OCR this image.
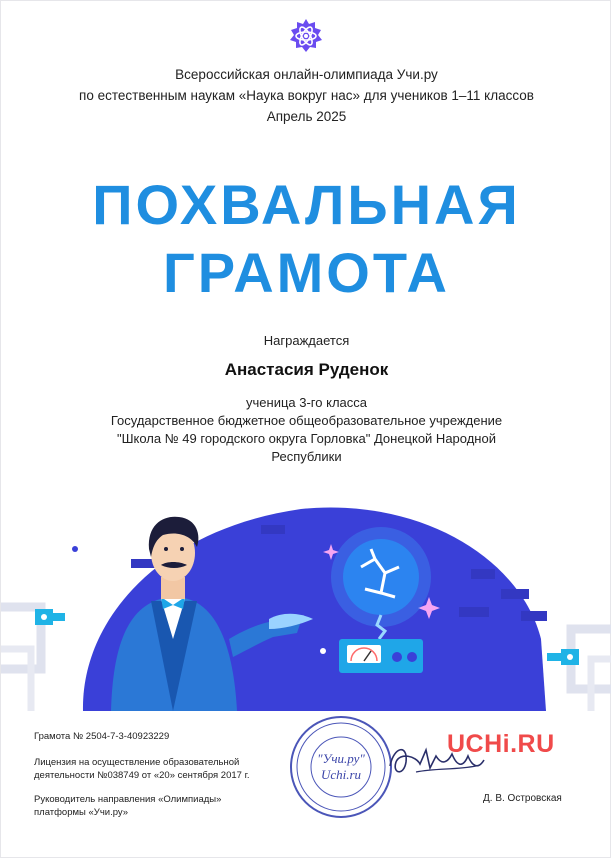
Всероссийская онлайн-олимпиада Учи.ру
по естественным наукам «Наука вокруг нас» для учеников 1–11 классов
Апрель 2025
ПОХВАЛЬНАЯ
ГРАМОТА
Награждается
Анастасия Руденок
ученица 3-го класса
Государственное бюджетное общеобразовательное учреждение
"Школа № 49 городского округа Горловка" Донецкой Народной
Республики
Грамота № 2504-7-3-40923229
Лицензия на осуществление образовательной
деятельности №038749 от «20» сентября 2017 г.
Руководитель направления «Олимпиады»
платформы «Учи.ру»
"Учи.ру"
Uchi.ru
UCHi.RU
Д. В. Островская
